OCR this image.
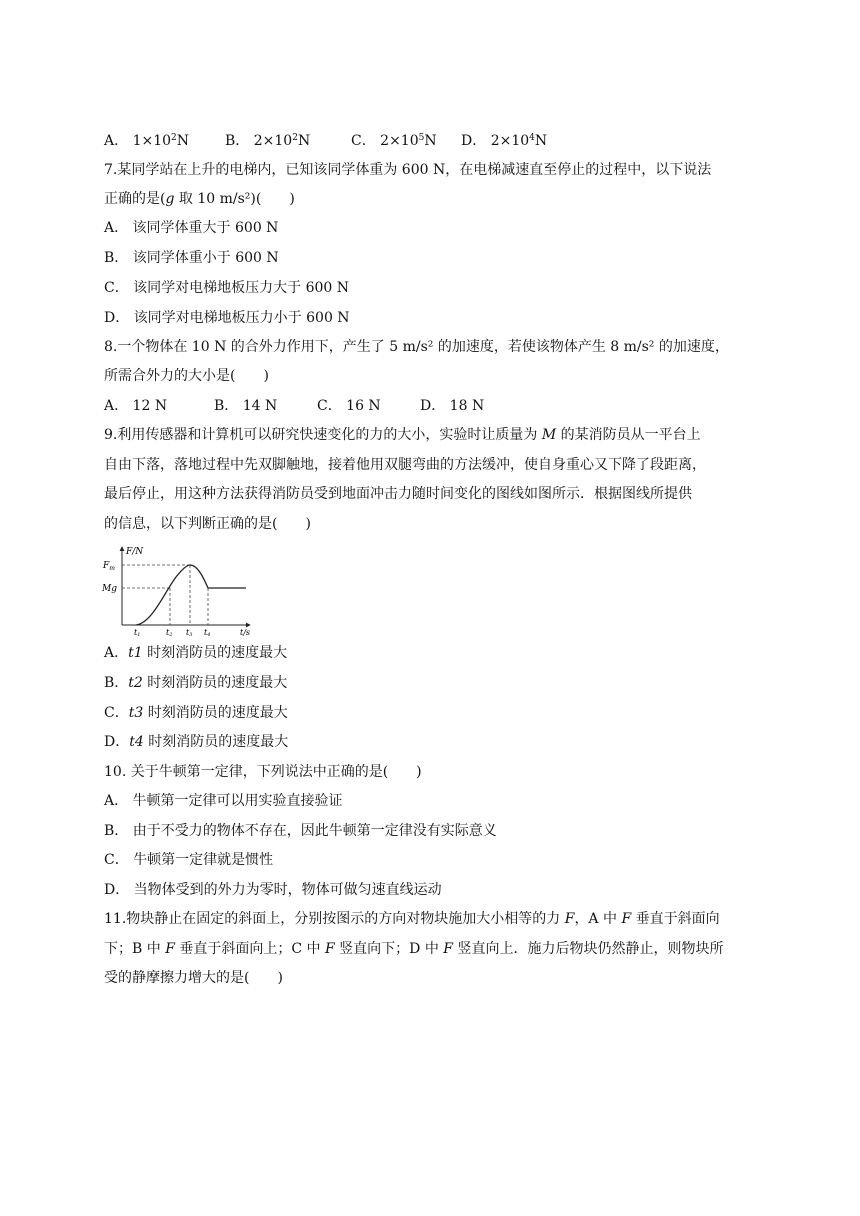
A． $1\times 10^2N$	B． $2\times 10^2N$	C． $2\times 10^5N$ D． $2\times 10^4N$
7.某同学站在上升的电梯内，已知该同学体重为 600 N，在电梯减速直至停止的过程中，以下说法
正确的是(g 取 10 m/s²)(　　)
A． 该同学体重大于 600 N
B． 该同学体重小于 600 N
C． 该同学对电梯地板压力大于 600 N
D． 该同学对电梯地板压力小于 600 N
8.一个物体在 10 N 的合外力作用下，产生了 5 m/s² 的加速度，若使该物体产生 8 m/s² 的加速度，
所需合外力的大小是(　　)
A． 12 N	B． 14 N	C． 16 N	D． 18 N
9.利用传感器和计算机可以研究快速变化的力的大小，实验时让质量为 M 的某消防员从一平台上
自由下落，落地过程中先双脚触地，接着他用双腿弯曲的方法缓冲，使自身重心又下降了段距离，
最后停止，用这种方法获得消防员受到地面冲击力随时间变化的图线如图所示．根据图线所提供
的信息，以下判断正确的是(　　)
F/N
$F_m$
Mg
t/s
t1	t2 t3 t4
A．t1 时刻消防员的速度最大
B．t2 时刻消防员的速度最大
C．t3 时刻消防员的速度最大
D．t4 时刻消防员的速度最大
10. 关于牛顿第一定律，下列说法中正确的是(　　)
A． 牛顿第一定律可以用实验直接验证
B． 由于不受力的物体不存在，因此牛顿第一定律没有实际意义
C． 牛顿第一定律就是惯性
D． 当物体受到的外力为零时，物体可做匀速直线运动
11.物块静止在固定的斜面上，分别按图示的方向对物块施加大小相等的力 F，A 中 F 垂直于斜面向
下；B 中 F 垂直于斜面向上；C 中 F 竖直向下；D 中 F 竖直向上．施力后物块仍然静止，则物块所
受的静摩擦力增大的是(　　)
